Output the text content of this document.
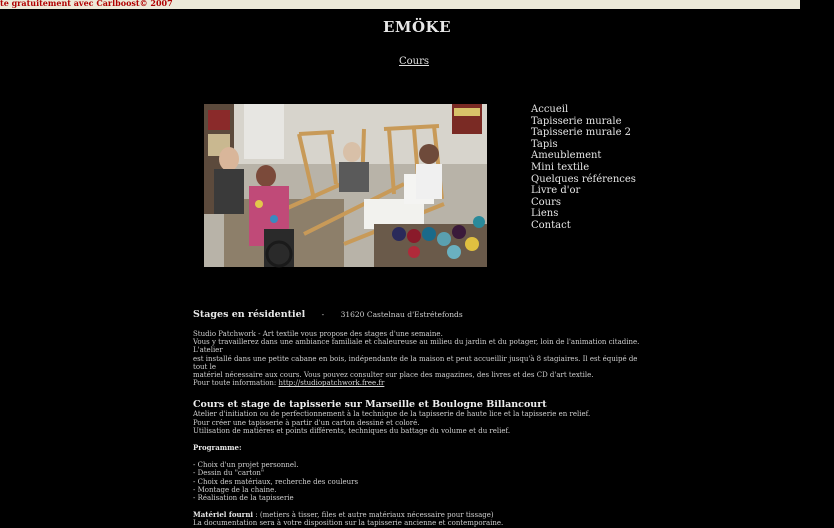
te gratuitement avec Carlboost© 2007
EMÖKE
Cours
Accueil
Tapisserie murale
Tapisserie murale 2
Tapis
Ameublement
Mini textile
Quelques références
Livre d'or
Cours
Liens
Contact
Stages en résidentiel - 31620 Castelnau d'Estrétefonds
Studio Patchwork - Art textile vous propose des stages d'une semaine.
Vous y travaillerez dans une ambiance familiale et chaleureuse au milieu du jardin et du potager, loin de l'animation citadine. L'atelier
est installé dans une petite cabane en bois, indépendante de la maison et peut accueillir jusqu'à 8 stagiaires. Il est équipé de tout le
matériel nécessaire aux cours. Vous pouvez consulter sur place des magazines, des livres et des CD d'art textile.
Pour toute information: http://studiopatchwork.free.fr
Cours et stage de tapisserie sur Marseille et Boulogne Billancourt
Atelier d'initiation ou de perfectionnement à la technique de la tapisserie de haute lice et la tapisserie en relief.
Pour créer une tapisserie à partir d'un carton dessiné et coloré.
Utilisation de matières et points différents, techniques du battage du volume et du relief.
Programme:
- Choix d'un projet personnel.
- Dessin du "carton"
- Choix des matériaux, recherche des couleurs
- Montage de la chaine.
- Réalisation de la tapisserie
Matériel fourni : (metiers à tisser, files et autre matériaux nécessaire pour tissage)
La documentation sera à votre disposition sur la tapisserie ancienne et contemporaine.
